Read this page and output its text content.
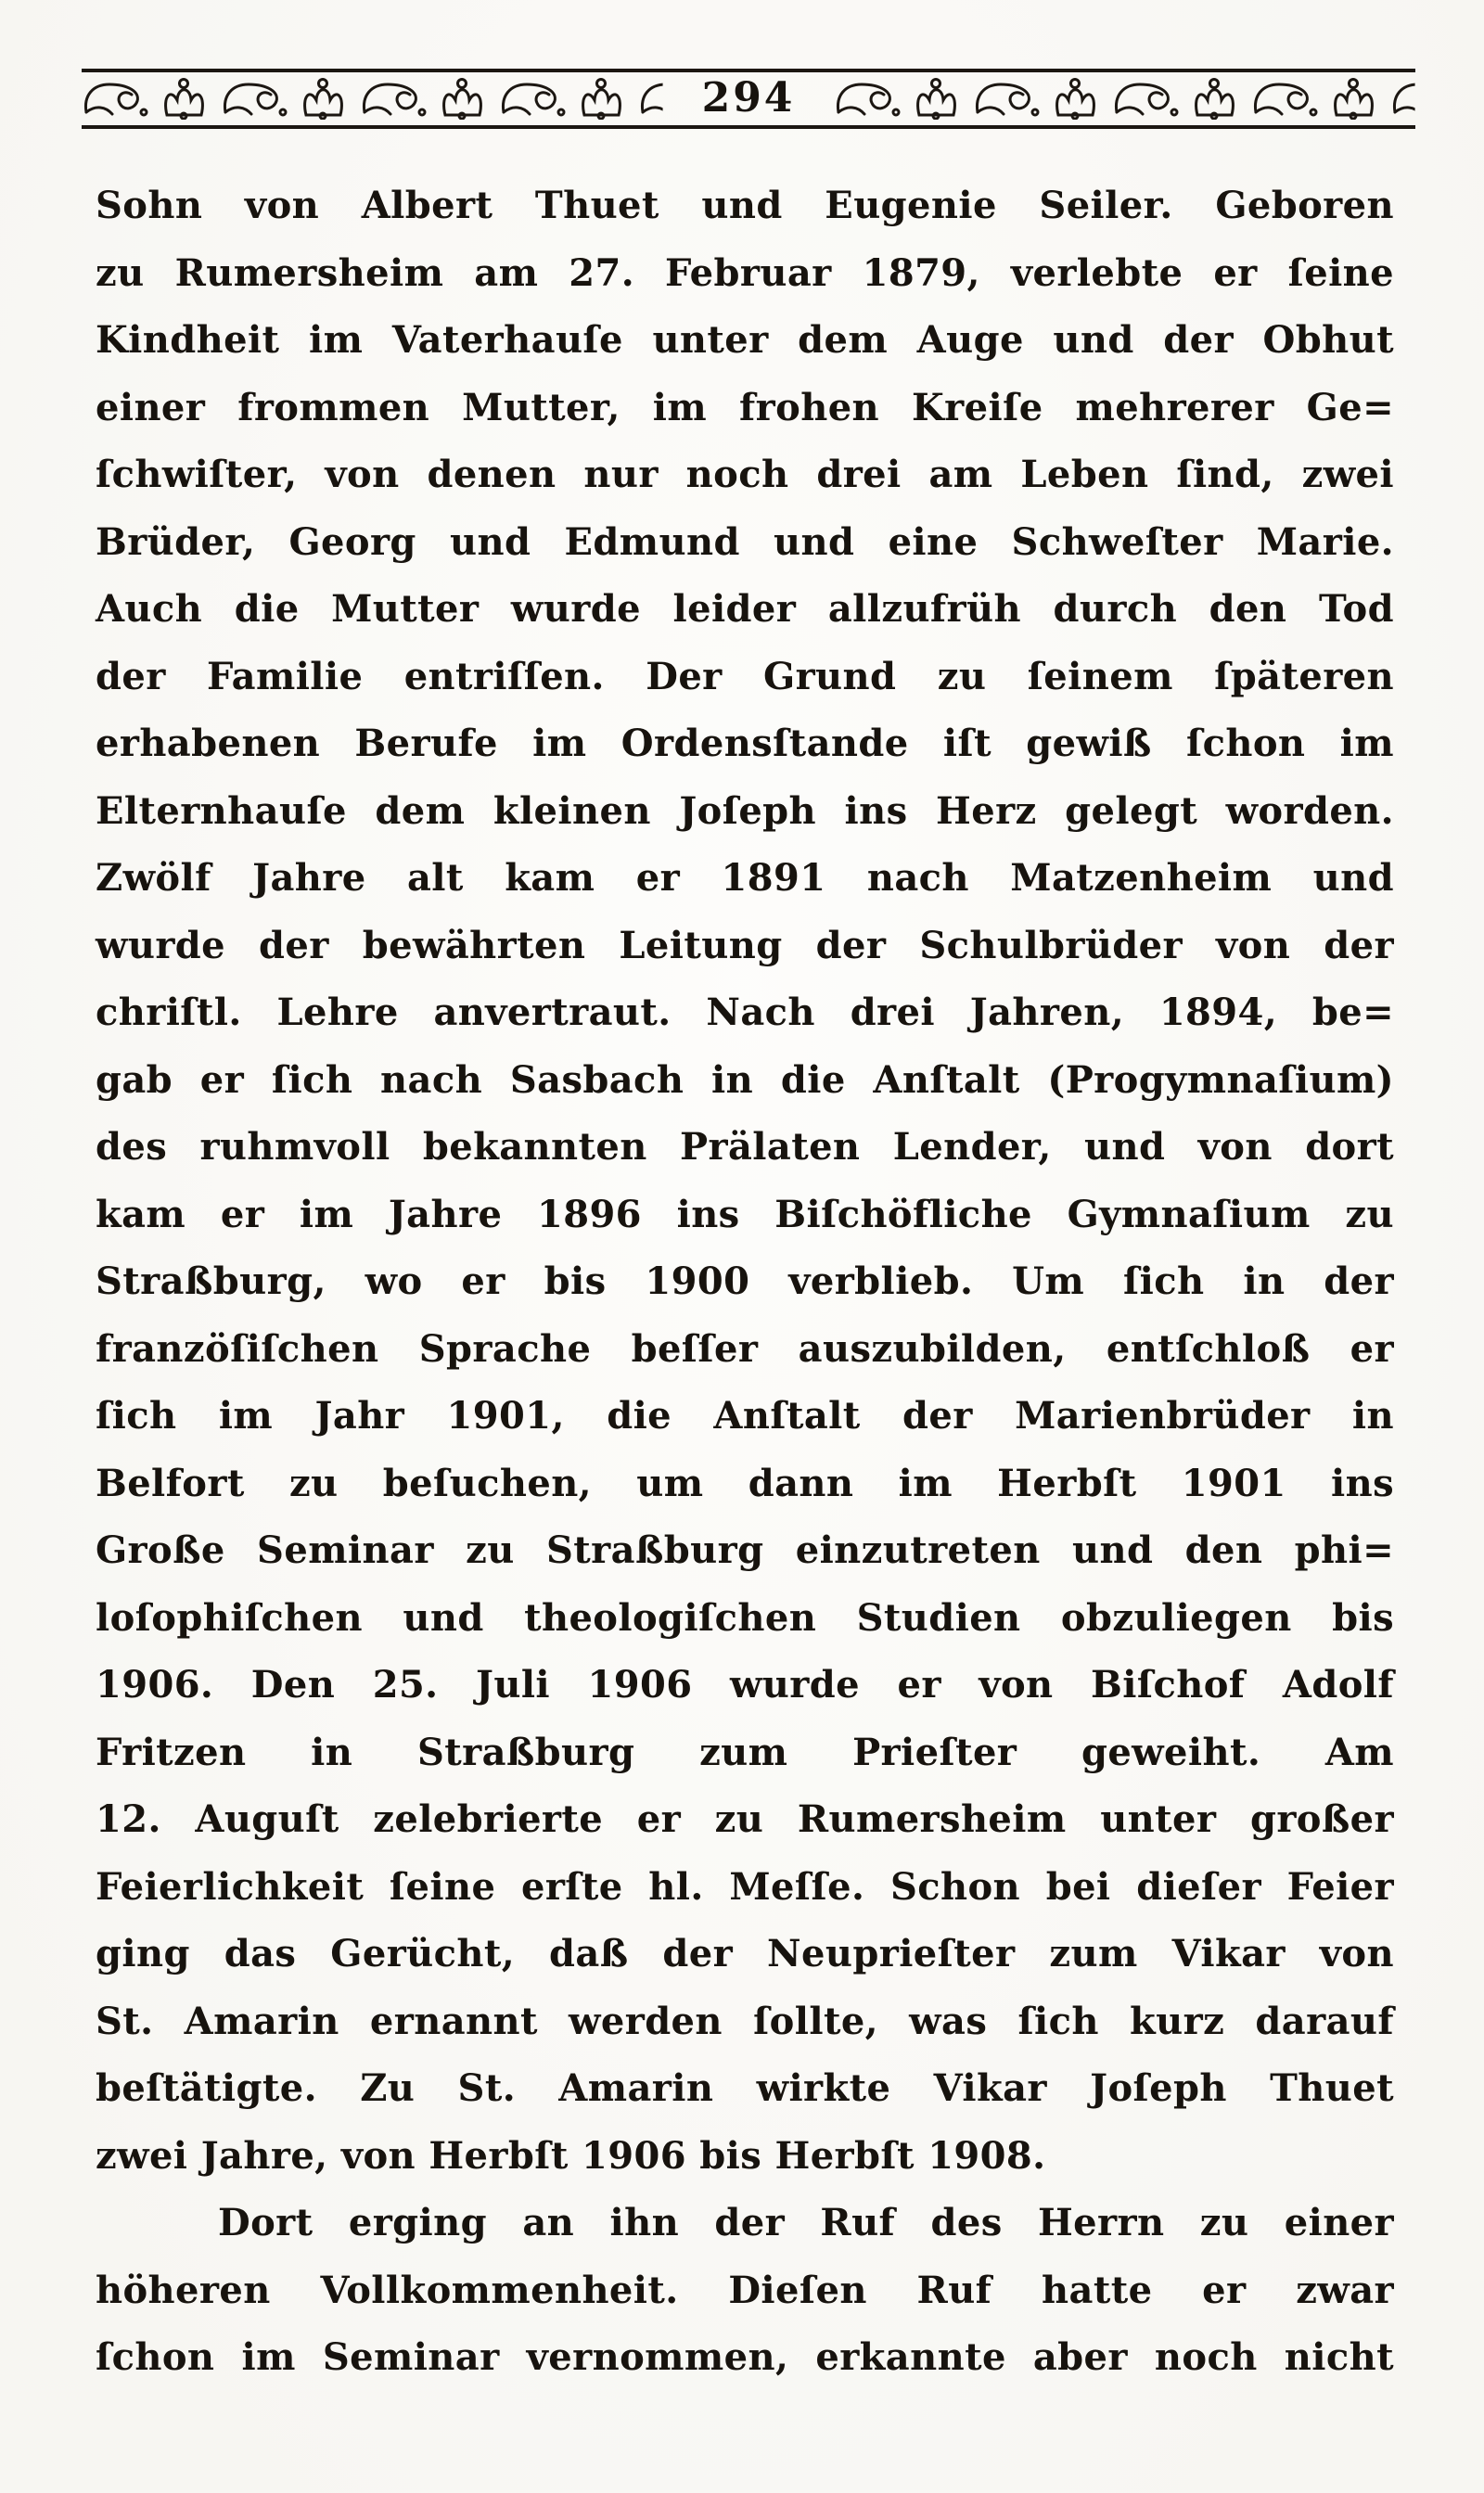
294
Sohn von Albert Thuet und Eugenie Seiler. Geboren
zu Rumersheim am 27. Februar 1879, verlebte er ſeine
Kindheit im Vaterhauſe unter dem Auge und der Obhut
einer frommen Mutter, im frohen Kreiſe mehrerer Ge=
ſchwiſter, von denen nur noch drei am Leben ſind, zwei
Brüder, Georg und Edmund und eine Schweſter Marie.
Auch die Mutter wurde leider allzufrüh durch den Tod
der Familie entriſſen. Der Grund zu ſeinem ſpäteren
erhabenen Berufe im Ordensſtande iſt gewiß ſchon im
Elternhauſe dem kleinen Joſeph ins Herz gelegt worden.
Zwölf Jahre alt kam er 1891 nach Matzenheim und
wurde der bewährten Leitung der Schulbrüder von der
chriſtl. Lehre anvertraut. Nach drei Jahren, 1894, be=
gab er ſich nach Sasbach in die Anſtalt (Progymnaſium)
des ruhmvoll bekannten Prälaten Lender, und von dort
kam er im Jahre 1896 ins Biſchöfliche Gymnaſium zu
Straßburg, wo er bis 1900 verblieb. Um ſich in der
franzöſiſchen Sprache beſſer auszubilden, entſchloß er
ſich im Jahr 1901, die Anſtalt der Marienbrüder in
Belfort zu beſuchen, um dann im Herbſt 1901 ins
Große Seminar zu Straßburg einzutreten und den phi=
loſophiſchen und theologiſchen Studien obzuliegen bis
1906. Den 25. Juli 1906 wurde er von Biſchof Adolf
Fritzen in Straßburg zum Prieſter geweiht. Am
12. Auguſt zelebrierte er zu Rumersheim unter großer
Feierlichkeit ſeine erſte hl. Meſſe. Schon bei dieſer Feier
ging das Gerücht, daß der Neuprieſter zum Vikar von
St. Amarin ernannt werden ſollte, was ſich kurz darauf
beſtätigte. Zu St. Amarin wirkte Vikar Joſeph Thuet
zwei Jahre, von Herbſt 1906 bis Herbſt 1908.
Dort erging an ihn der Ruf des Herrn zu einer
höheren Vollkommenheit. Dieſen Ruf hatte er zwar
ſchon im Seminar vernommen, erkannte aber noch nicht
